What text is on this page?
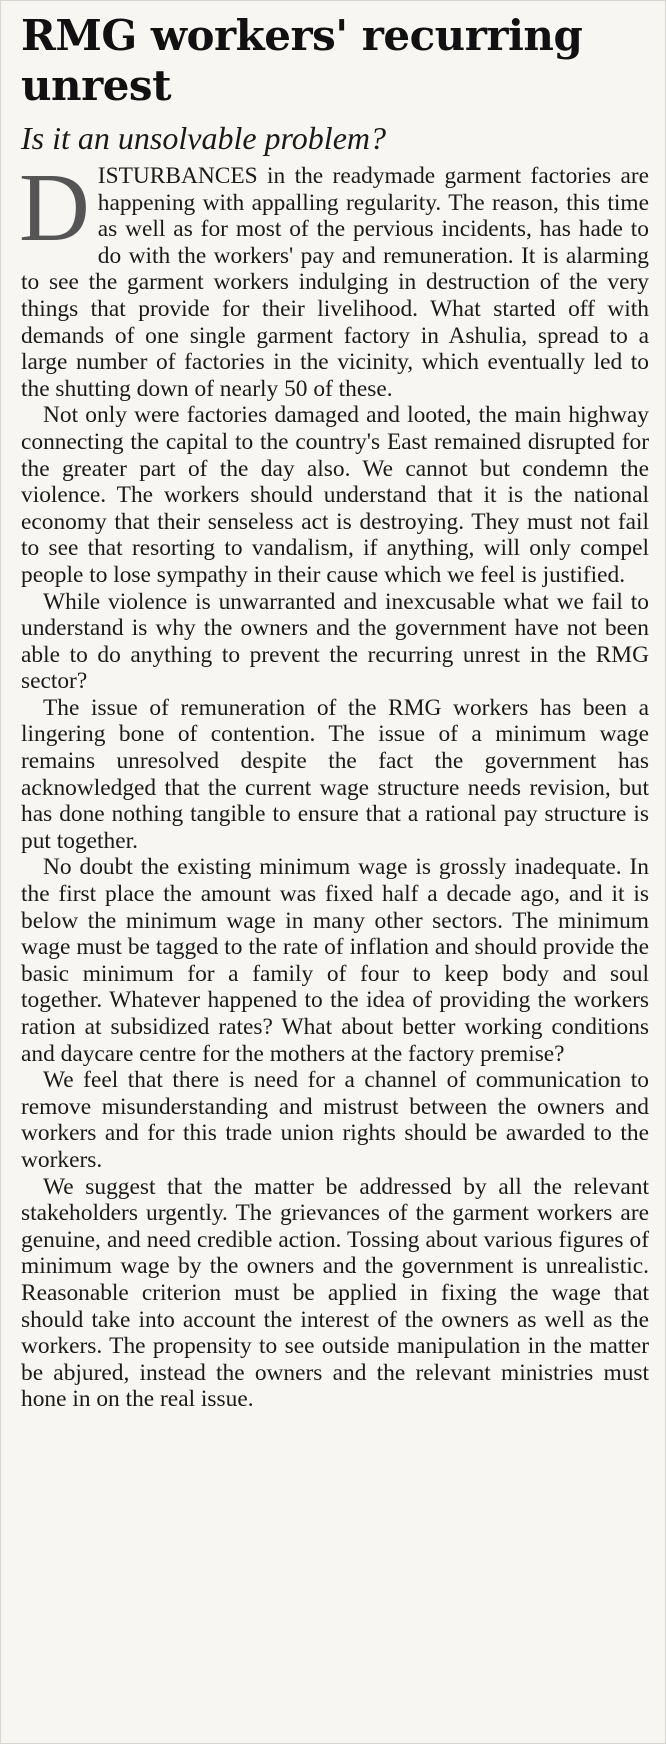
RMG workers' recurring unrest
Is it an unsolvable problem?

DISTURBANCES in the readymade garment factories are happening with appalling regularity. The reason, this time as well as for most of the pervious incidents, has hade to do with the workers' pay and remuneration. It is alarming to see the garment workers indulging in destruction of the very things that provide for their livelihood. What started off with demands of one single garment factory in Ashulia, spread to a large number of factories in the vicinity, which eventually led to the shutting down of nearly 50 of these.

Not only were factories damaged and looted, the main highway connecting the capital to the country's East remained disrupted for the greater part of the day also. We cannot but condemn the violence. The workers should understand that it is the national economy that their senseless act is destroying. They must not fail to see that resorting to vandalism, if anything, will only compel people to lose sympathy in their cause which we feel is justified.

While violence is unwarranted and inexcusable what we fail to understand is why the owners and the government have not been able to do anything to prevent the recurring unrest in the RMG sector?

The issue of remuneration of the RMG workers has been a lingering bone of contention. The issue of a minimum wage remains unresolved despite the fact the government has acknowledged that the current wage structure needs revision, but has done nothing tangible to ensure that a rational pay structure is put together.

No doubt the existing minimum wage is grossly inadequate. In the first place the amount was fixed half a decade ago, and it is below the minimum wage in many other sectors. The minimum wage must be tagged to the rate of inflation and should provide the basic minimum for a family of four to keep body and soul together. Whatever happened to the idea of providing the workers ration at subsidized rates? What about better working conditions and daycare centre for the mothers at the factory premise?

We feel that there is need for a channel of communication to remove misunderstanding and mistrust between the owners and workers and for this trade union rights should be awarded to the workers.

We suggest that the matter be addressed by all the relevant stakeholders urgently. The grievances of the garment workers are genuine, and need credible action. Tossing about various figures of minimum wage by the owners and the government is unrealistic. Reasonable criterion must be applied in fixing the wage that should take into account the interest of the owners as well as the workers. The propensity to see outside manipulation in the matter be abjured, instead the owners and the relevant ministries must hone in on the real issue.
